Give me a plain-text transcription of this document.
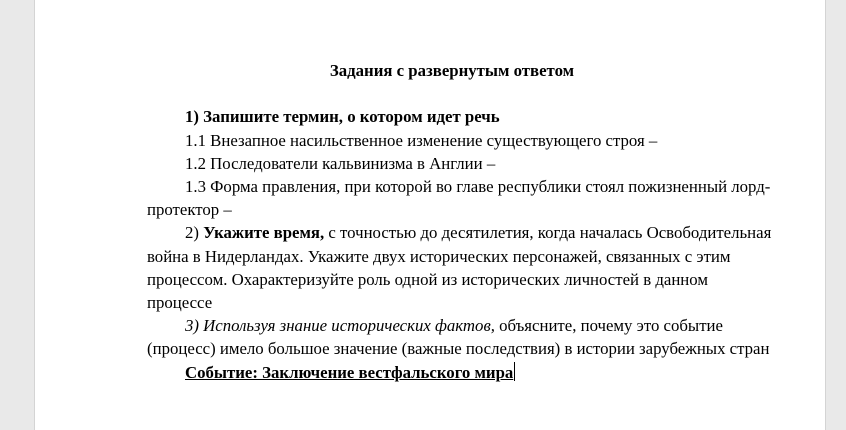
Задания с развернутым ответом

1) Запишите термин, о котором идет речь

1.1 Внезапное насильственное изменение существующего строя –

1.2 Последователи кальвинизма в Англии –

1.3 Форма правления, при которой во главе республики стоял пожизненный лорд-протектор –

2) Укажите время, с точностью до десятилетия, когда началась Освободительная война в Нидерландах. Укажите двух исторических персонажей, связанных с этим процессом. Охарактеризуйте роль одной из исторических личностей в данном процессе

3) Используя знание исторических фактов, объясните, почему это событие (процесс) имело большое значение (важные последствия) в истории зарубежных стран

Событие: Заключение вестфальского мира
